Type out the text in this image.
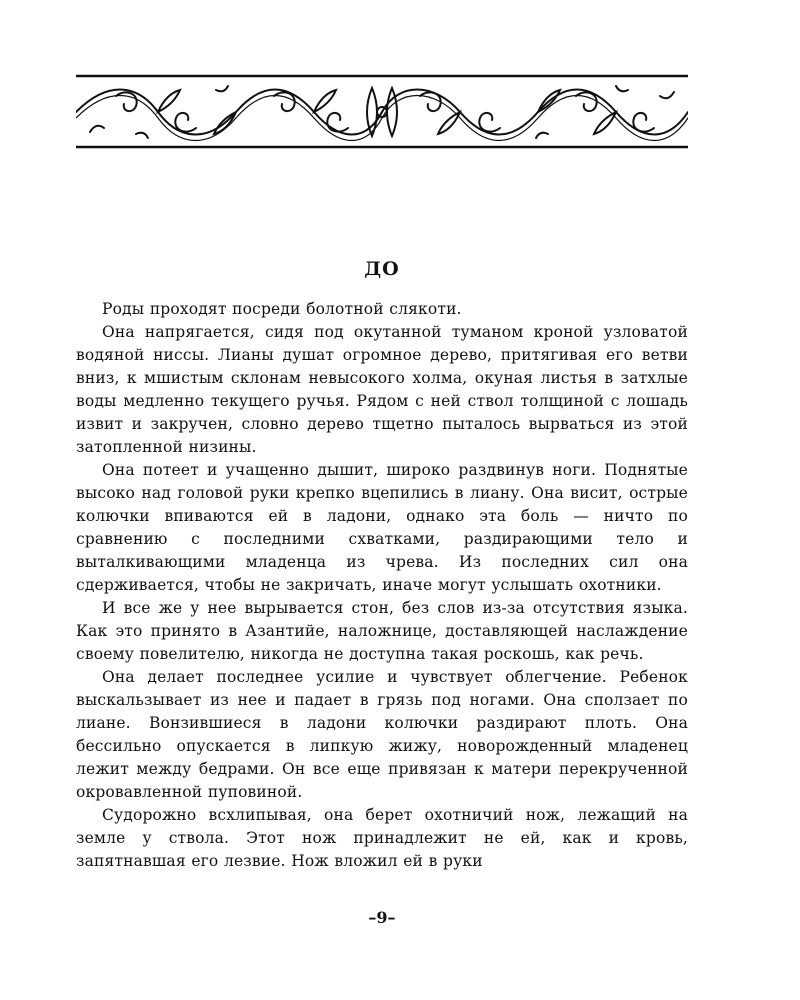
ДО

Роды проходят посреди болотной слякоти.

Она напрягается, сидя под окутанной туманом кроной узловатой водяной ниссы. Лианы душат огромное дерево, притягивая его ветви вниз, к мшистым склонам невысокого холма, окуная листья в затхлые воды медленно текущего ручья. Рядом с ней ствол толщиной с лошадь извит и закручен, словно дерево тщетно пыталось вырваться из этой затопленной низины.

Она потеет и учащенно дышит, широко раздвинув ноги. Поднятые высоко над головой руки крепко вцепились в лиану. Она висит, острые колючки впиваются ей в ладони, однако эта боль — ничто по сравнению с последними схватками, раздирающими тело и выталкивающими младенца из чрева. Из последних сил она сдерживается, чтобы не закричать, иначе могут услышать охотники.

И все же у нее вырывается стон, без слов из-за отсутствия языка. Как это принято в Азантийе, наложнице, доставляющей наслаждение своему повелителю, никогда не доступна такая роскошь, как речь.

Она делает последнее усилие и чувствует облегчение. Ребенок выскальзывает из нее и падает в грязь под ногами. Она сползает по лиане. Вонзившиеся в ладони колючки раздирают плоть. Она бессильно опускается в липкую жижу, новорожденный младенец лежит между бедрами. Он все еще привязан к матери перекрученной окровавленной пуповиной.

Судорожно всхлипывая, она берет охотничий нож, лежащий на земле у ствола. Этот нож принадлежит не ей, как и кровь, запятнавшая его лезвие. Нож вложил ей в руки

–9–
